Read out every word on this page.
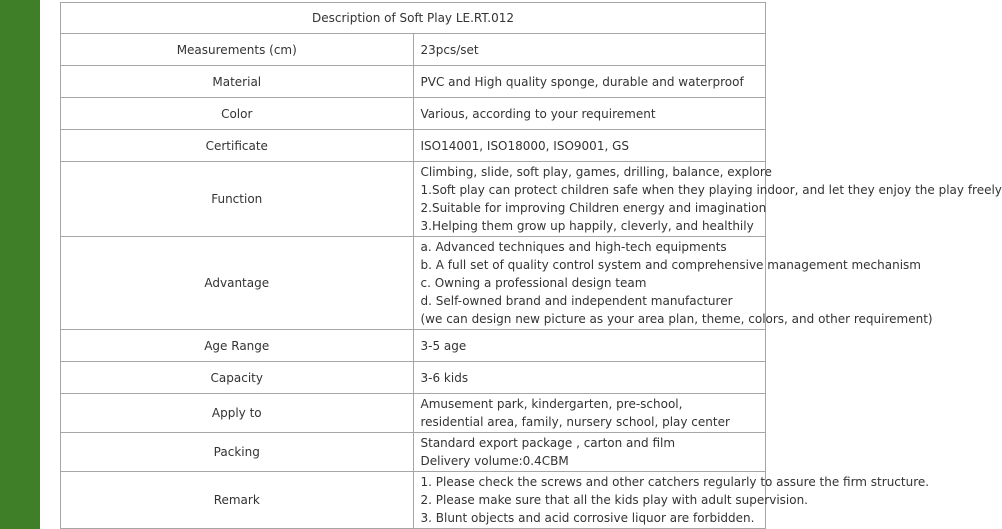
Description of Soft Play LE.RT.012	
Measurements (cm)	23pcs/set

Material	PVC and High quality sponge, durable and waterproof

Color	Various, according to your requirement

Certificate	ISO14001, ISO18000, ISO9001, GS

Function	Climbing, slide, soft play, games, drilling, balance, explore
1.Soft play can protect children safe when they playing indoor, and let they enjoy the play freely
2.Suitable for improving Children energy and imagination
3.Helping them grow up happily, cleverly, and healthily

Advantage	a. Advanced techniques and high-tech equipments
b. A full set of quality control system and comprehensive management mechanism
c. Owning a professional design team
d. Self-owned brand and independent manufacturer
(we can design new picture as your area plan, theme, colors, and other requirement)

Age Range	3-5 age

Capacity	3-6 kids

Apply to	Amusement park, kindergarten, pre-school,
residential area, family, nursery school, play center

Packing	Standard export package , carton and film
Delivery volume:0.4CBM

Remark	1. Please check the screws and other catchers regularly to assure the firm structure.
2. Please make sure that all the kids play with adult supervision.
3. Blunt objects and acid corrosive liquor are forbidden.
